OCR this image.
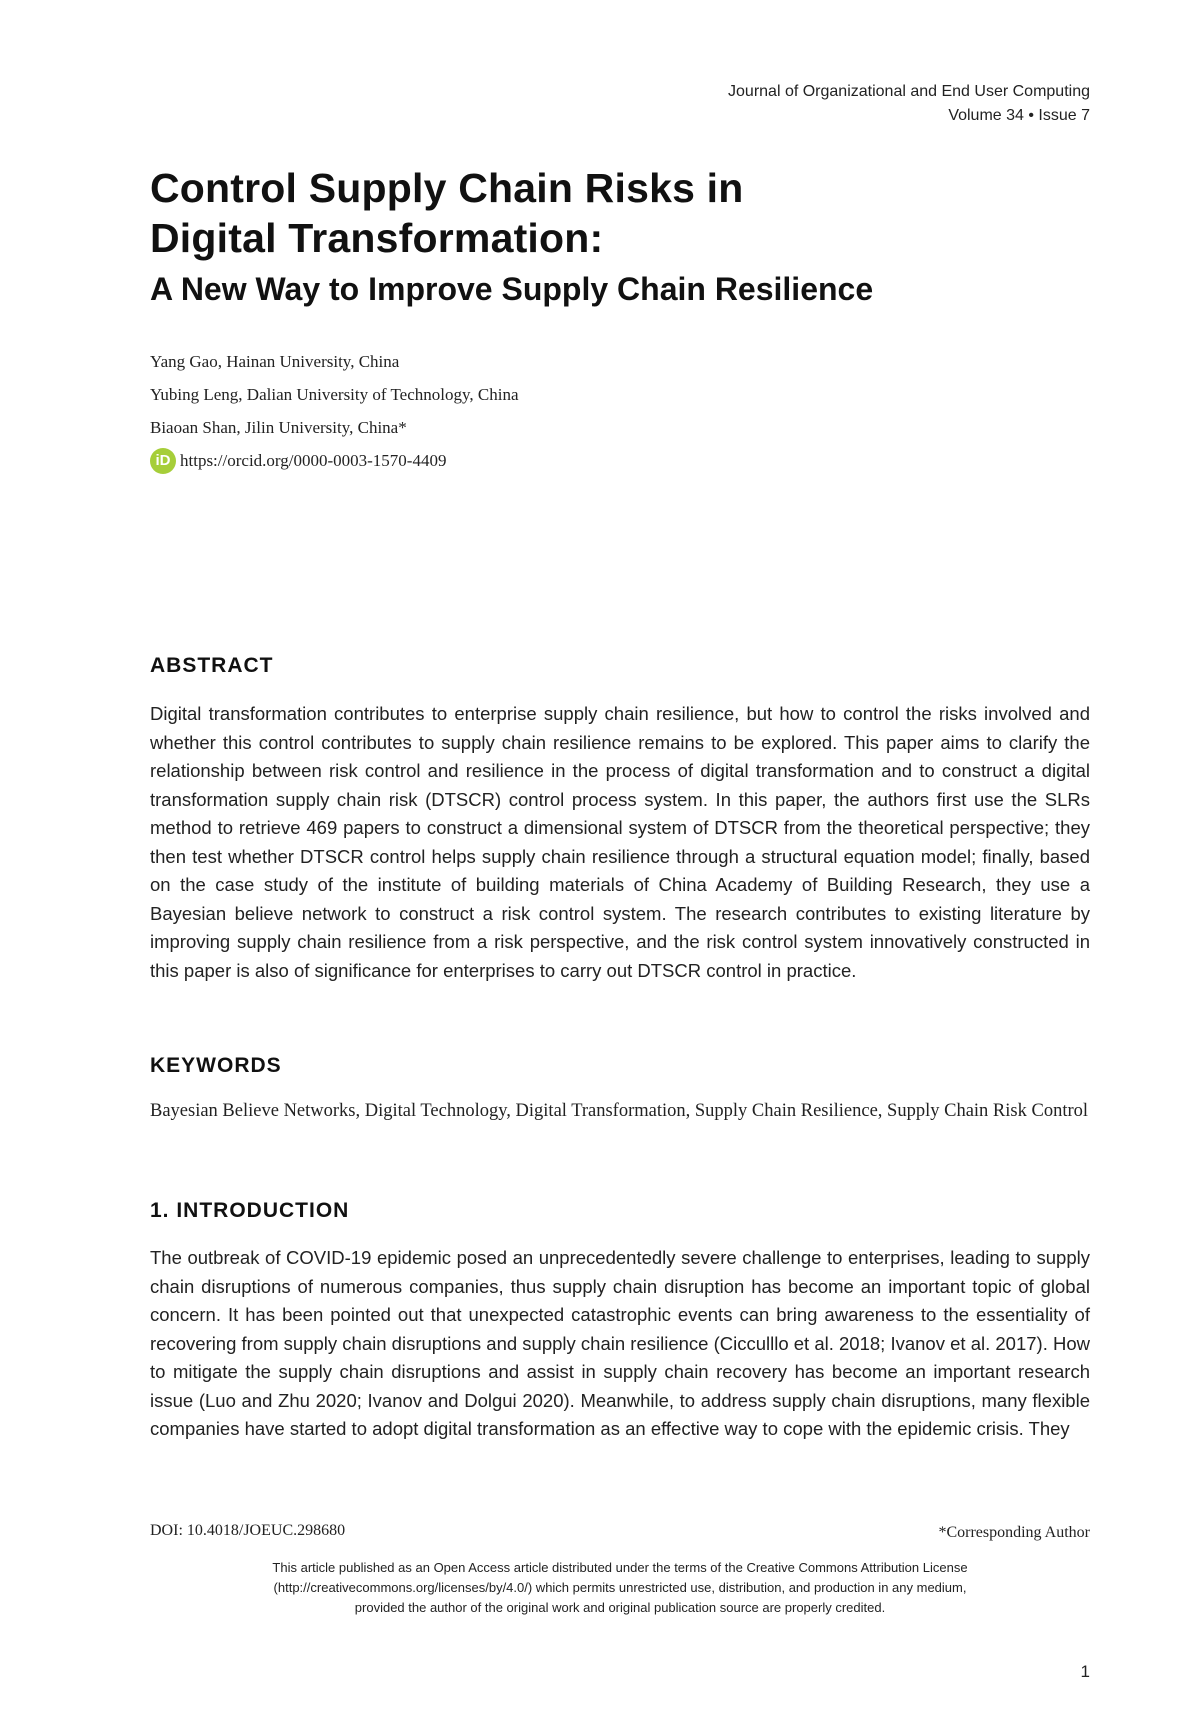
Journal of Organizational and End User Computing
Volume 34 • Issue 7
Control Supply Chain Risks in
Digital Transformation:
A New Way to Improve Supply Chain Resilience
Yang Gao, Hainan University, China
Yubing Leng, Dalian University of Technology, China
Biaoan Shan, Jilin University, China*
iD https://orcid.org/0000-0003-1570-4409
ABSTRACT
Digital transformation contributes to enterprise supply chain resilience, but how to control the risks involved and whether this control contributes to supply chain resilience remains to be explored. This paper aims to clarify the relationship between risk control and resilience in the process of digital transformation and to construct a digital transformation supply chain risk (DTSCR) control process system. In this paper, the authors first use the SLRs method to retrieve 469 papers to construct a dimensional system of DTSCR from the theoretical perspective; they then test whether DTSCR control helps supply chain resilience through a structural equation model; finally, based on the case study of the institute of building materials of China Academy of Building Research, they use a Bayesian believe network to construct a risk control system. The research contributes to existing literature by improving supply chain resilience from a risk perspective, and the risk control system innovatively constructed in this paper is also of significance for enterprises to carry out DTSCR control in practice.
KEYWORDS
Bayesian Believe Networks, Digital Technology, Digital Transformation, Supply Chain Resilience, Supply Chain Risk Control
1. INTRODUCTION
The outbreak of COVID-19 epidemic posed an unprecedentedly severe challenge to enterprises, leading to supply chain disruptions of numerous companies, thus supply chain disruption has become an important topic of global concern. It has been pointed out that unexpected catastrophic events can bring awareness to the essentiality of recovering from supply chain disruptions and supply chain resilience (Cicculllo et al. 2018; Ivanov et al. 2017). How to mitigate the supply chain disruptions and assist in supply chain recovery has become an important research issue (Luo and Zhu 2020; Ivanov and Dolgui 2020). Meanwhile, to address supply chain disruptions, many flexible companies have started to adopt digital transformation as an effective way to cope with the epidemic crisis. They
DOI: 10.4018/JOEUC.298680	*Corresponding Author
This article published as an Open Access article distributed under the terms of the Creative Commons Attribution License
(http://creativecommons.org/licenses/by/4.0/) which permits unrestricted use, distribution, and production in any medium,
provided the author of the original work and original publication source are properly credited.
1
